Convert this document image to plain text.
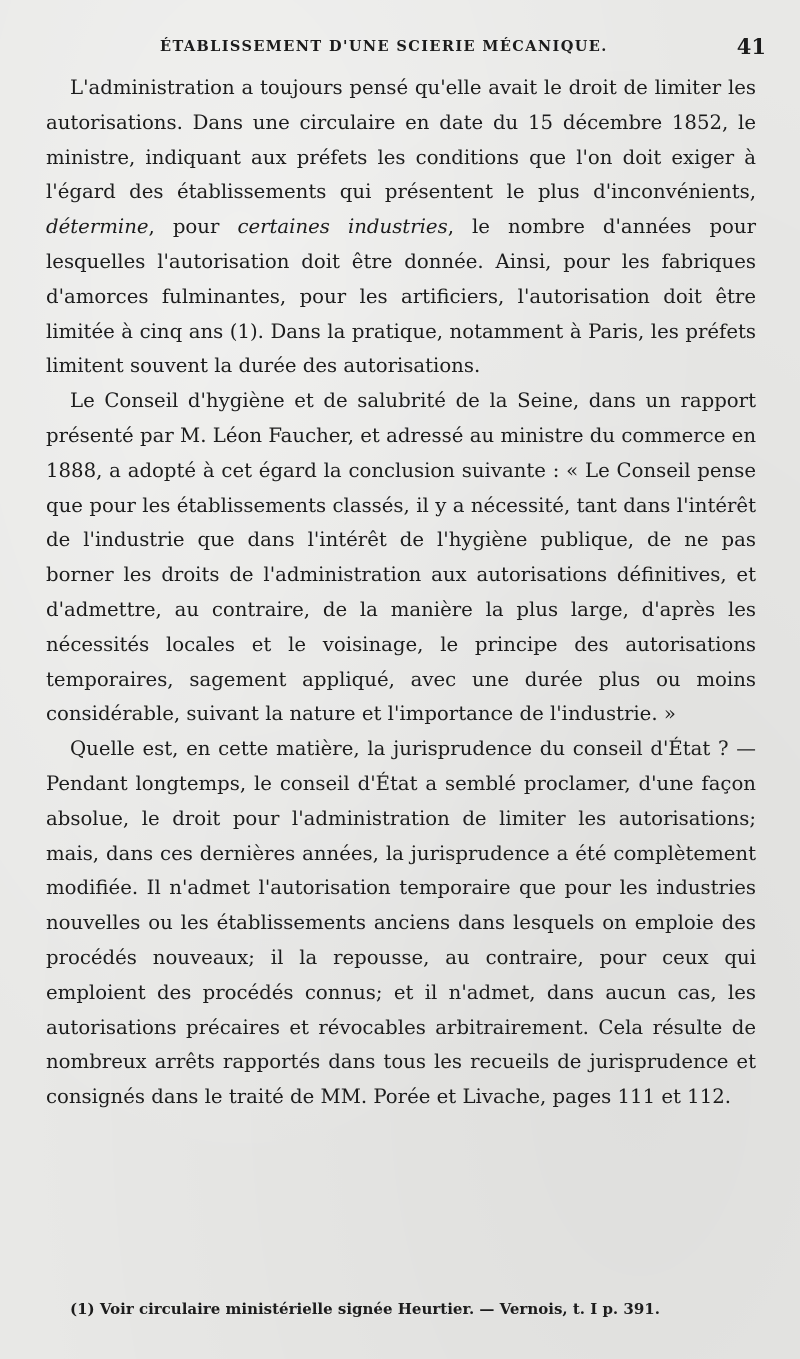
ÉTABLISSEMENT D'UNE SCIERIE MÉCANIQUE.	41

L'administration a toujours pensé qu'elle avait le droit de limiter les autorisations. Dans une circulaire en date du 15 décembre 1852, le ministre, indiquant aux préfets les conditions que l'on doit exiger à l'égard des établissements qui présentent le plus d'inconvénients, détermine, pour certaines industries, le nombre d'années pour lesquelles l'autorisation doit être donnée. Ainsi, pour les fabriques d'amorces fulminantes, pour les artificiers, l'autorisation doit être limitée à cinq ans (1). Dans la pratique, notamment à Paris, les préfets limitent souvent la durée des autorisations.

Le Conseil d'hygiène et de salubrité de la Seine, dans un rapport présenté par M. Léon Faucher, et adressé au ministre du commerce en 1888, a adopté à cet égard la conclusion suivante : « Le Conseil pense que pour les établissements classés, il y a nécessité, tant dans l'intérêt de l'industrie que dans l'intérêt de l'hygiène publique, de ne pas borner les droits de l'administration aux autorisations définitives, et d'admettre, au contraire, de la manière la plus large, d'après les nécessités locales et le voisinage, le principe des autorisations temporaires, sagement appliqué, avec une durée plus ou moins considérable, suivant la nature et l'importance de l'industrie. »

Quelle est, en cette matière, la jurisprudence du conseil d'État ? — Pendant longtemps, le conseil d'État a semblé proclamer, d'une façon absolue, le droit pour l'administration de limiter les autorisations; mais, dans ces dernières années, la jurisprudence a été complètement modifiée. Il n'admet l'autorisation temporaire que pour les industries nouvelles ou les établissements anciens dans lesquels on emploie des procédés nouveaux; il la repousse, au contraire, pour ceux qui emploient des procédés connus; et il n'admet, dans aucun cas, les autorisations précaires et révocables arbitrairement. Cela résulte de nombreux arrêts rapportés dans tous les recueils de jurisprudence et consignés dans le traité de MM. Porée et Livache, pages 111 et 112.

(1) Voir circulaire ministérielle signée Heurtier. — Vernois, t. I p. 391.
